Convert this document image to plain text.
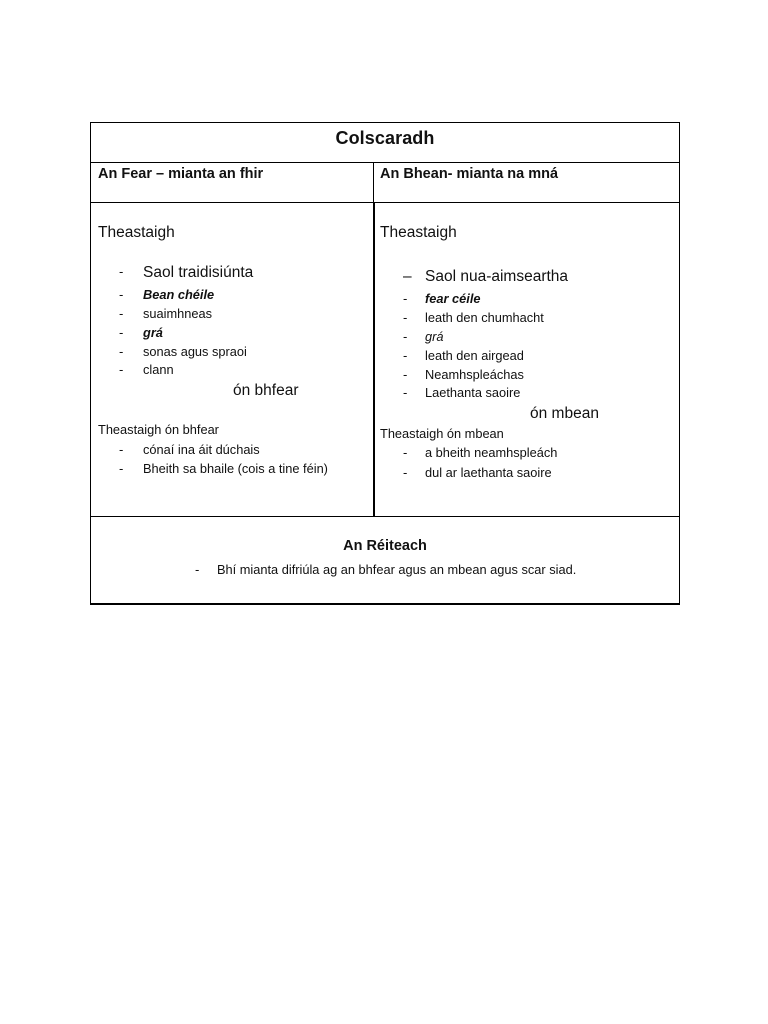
Colscaradh
An Fear – mianta an fhir	An Bhean- mianta na mná
Theastaigh
- Saol traidisiúnta
- Bean chéile
- suaimhneas
- grá
- sonas agus spraoi
- clann
ón bhfear
Theastaigh ón bhfear
- cónaí ina áit dúchais
- Bheith sa bhaile (cois a tine féin)
Theastaigh
– Saol nua-aimseartha
- fear céile
- leath den chumhacht
- grá
- leath den airgead
- Neamhspleáchas
- Laethanta saoire
ón mbean
Theastaigh ón mbean
- a bheith neamhspleách
- dul ar laethanta saoire
An Réiteach
- Bhí mianta difriúla ag an bhfear agus an mbean agus scar siad.
